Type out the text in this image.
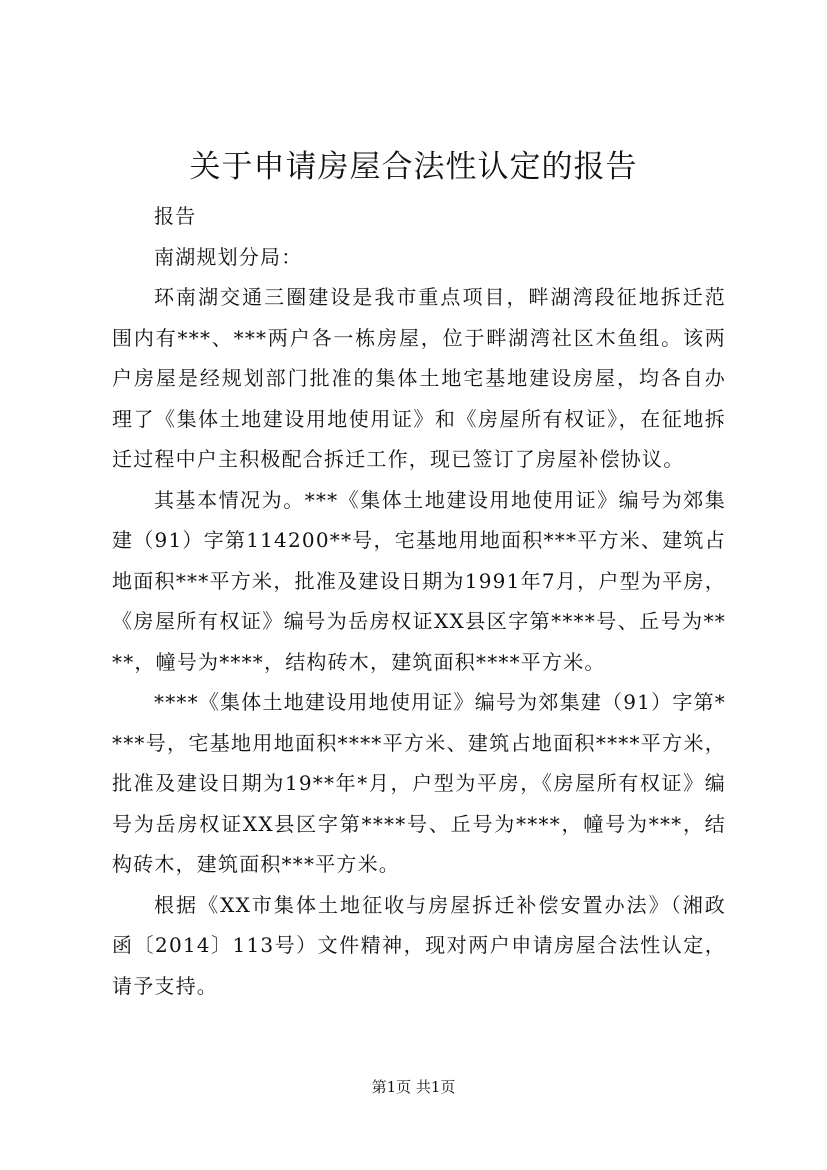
关于申请房屋合法性认定的报告

报告

南湖规划分局：

环南湖交通三圈建设是我市重点项目，畔湖湾段征地拆迁范围内有***、***两户各一栋房屋，位于畔湖湾社区木鱼组。该两户房屋是经规划部门批准的集体土地宅基地建设房屋，均各自办理了《集体土地建设用地使用证》和《房屋所有权证》，在征地拆迁过程中户主积极配合拆迁工作，现已签订了房屋补偿协议。

其基本情况为。***《集体土地建设用地使用证》编号为郊集建（91）字第114200**号，宅基地用地面积***平方米、建筑占地面积***平方米，批准及建设日期为1991年7月，户型为平房，《房屋所有权证》编号为岳房权证XX县区字第****号、丘号为****，幢号为****，结构砖木，建筑面积****平方米。

****《集体土地建设用地使用证》编号为郊集建（91）字第****号，宅基地用地面积****平方米、建筑占地面积****平方米，批准及建设日期为19**年*月，户型为平房，《房屋所有权证》编号为岳房权证XX县区字第****号、丘号为****，幢号为***，结构砖木，建筑面积***平方米。

根据《XX市集体土地征收与房屋拆迁补偿安置办法》（湘政函〔2014〕113号）文件精神，现对两户申请房屋合法性认定，请予支持。

第1页 共1页
